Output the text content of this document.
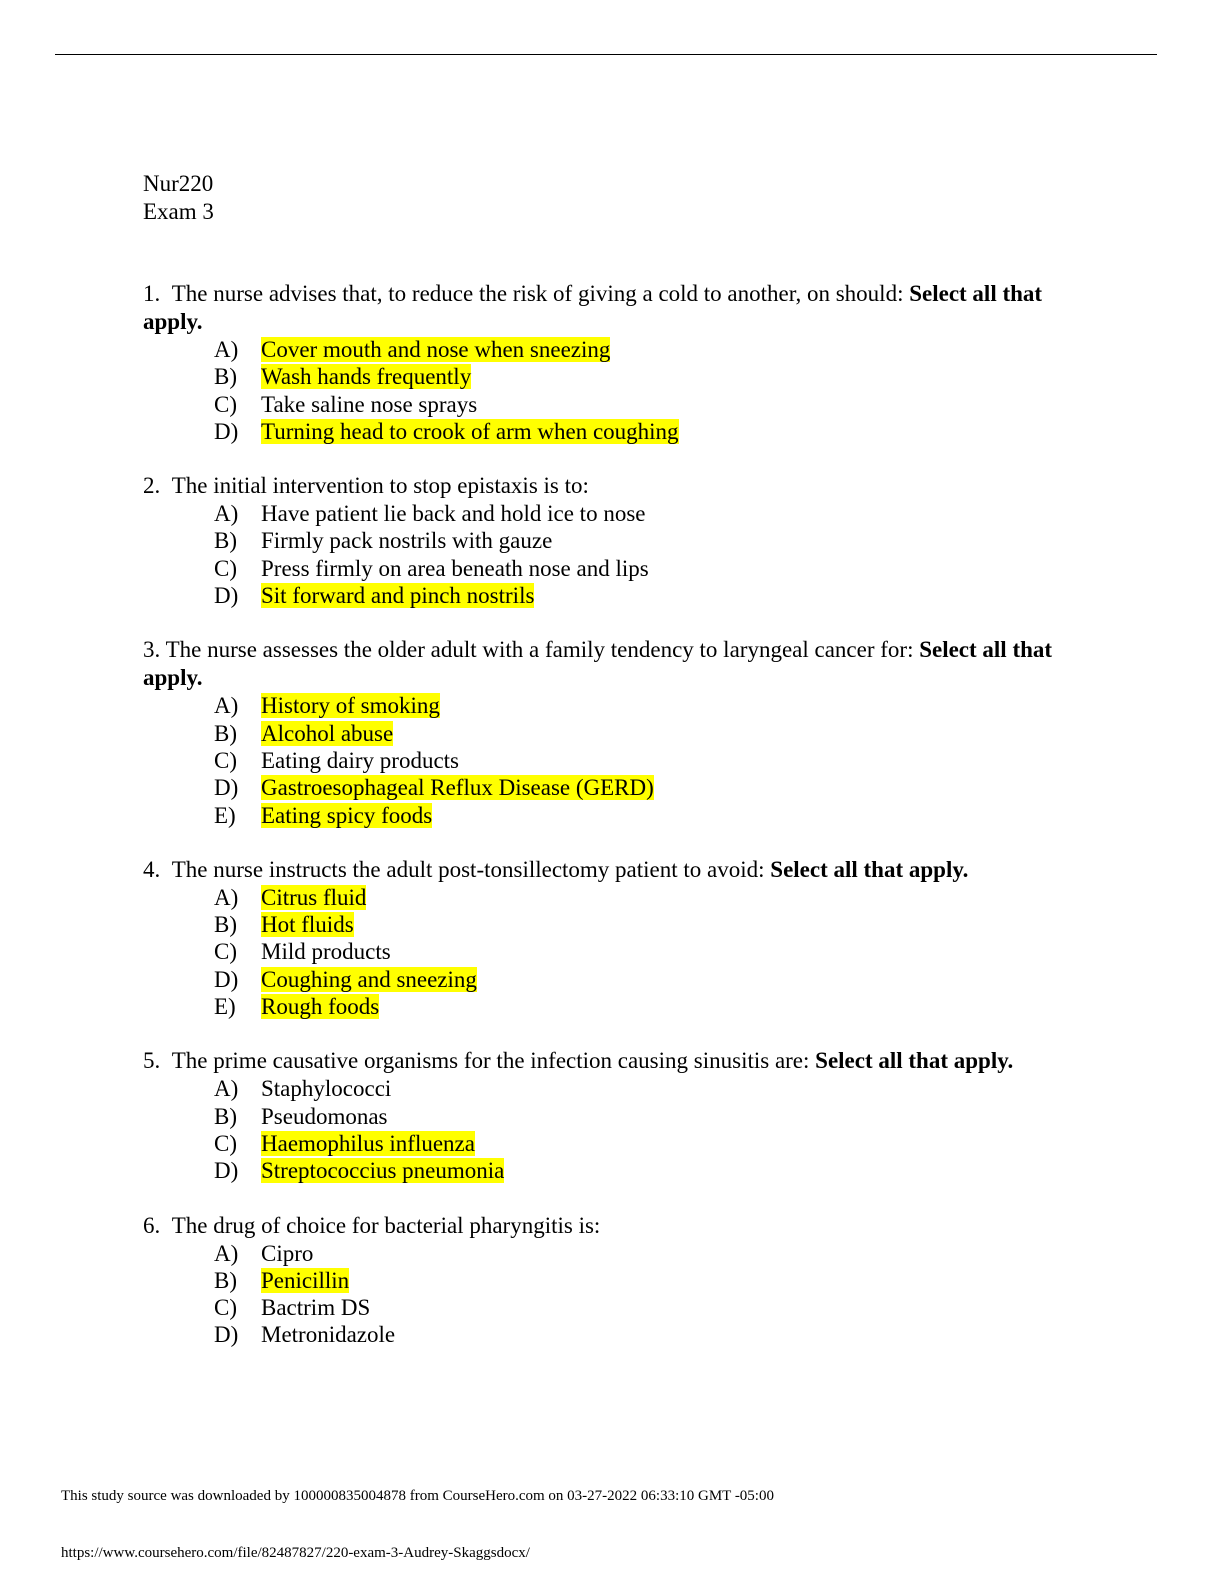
Nur220
Exam 3

1. The nurse advises that, to reduce the risk of giving a cold to another, on should: Select all that apply.

A) Cover mouth and nose when sneezing
B) Wash hands frequently
C) Take saline nose sprays
D) Turning head to crook of arm when coughing

2. The initial intervention to stop epistaxis is to:

A) Have patient lie back and hold ice to nose
B) Firmly pack nostrils with gauze
C) Press firmly on area beneath nose and lips
D) Sit forward and pinch nostrils

3. The nurse assesses the older adult with a family tendency to laryngeal cancer for: Select all that apply.

A) History of smoking
B) Alcohol abuse
C) Eating dairy products
D) Gastroesophageal Reflux Disease (GERD)
E) Eating spicy foods

4. The nurse instructs the adult post-tonsillectomy patient to avoid: Select all that apply.

A) Citrus fluid
B) Hot fluids
C) Mild products
D) Coughing and sneezing
E) Rough foods

5. The prime causative organisms for the infection causing sinusitis are: Select all that apply.

A) Staphylococci
B) Pseudomonas
C) Haemophilus influenza
D) Streptococcius pneumonia

6. The drug of choice for bacterial pharyngitis is:

A) Cipro
B) Penicillin
C) Bactrim DS
D) Metronidazole
This study source was downloaded by 100000835004878 from CourseHero.com on 03-27-2022 06:33:10 GMT -05:00
https://www.coursehero.com/file/82487827/220-exam-3-Audrey-Skaggsdocx/
